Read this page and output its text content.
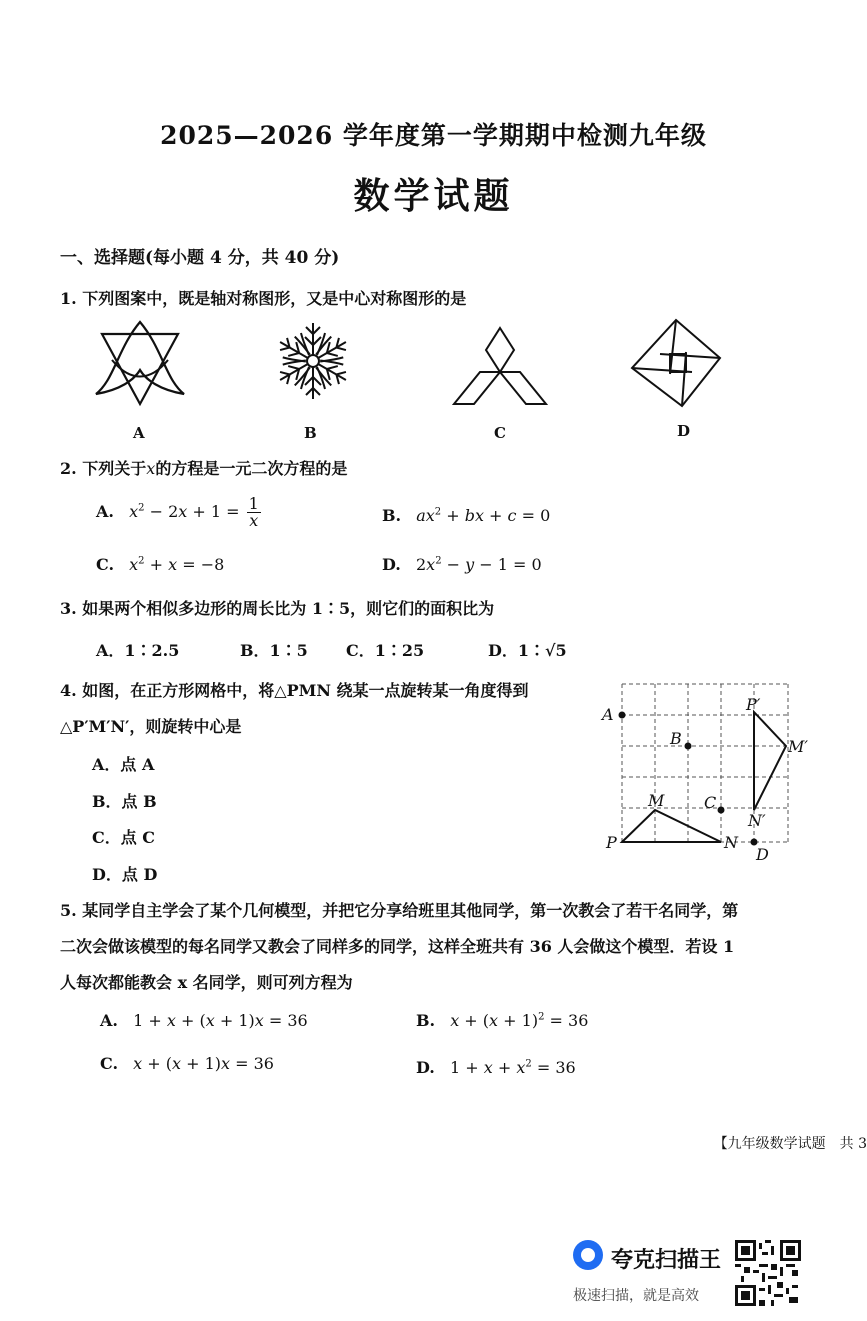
2025—2026 学年度第一学期期中检测九年级
数学试题
一、选择题(每小题 4 分，共 40 分)
1. 下列图案中，既是轴对称图形，又是中心对称图形的是
A	B	C	D
2. 下列关于x的方程是一元二次方程的是
A. $x^2 - 2x + 1 = \frac{1}{x}$	B. $ax^2$ + bx + c = 0
C. $x^2 + x = -8$	D. $2x^2 - y - 1 = 0$
3. 如果两个相似多边形的周长比为 1∶5，则它们的面积比为
A．1∶2.5	B．1∶5 C．1∶25	D．1∶√5
4. 如图，在正方形网格中，将△PMN 绕某一点旋转某一角度得到
△P′M′N′，则旋转中心是
A．点 A
B．点 B
C．点 C
D．点 D
A
B
C
D
P
M
N
P′
M′
N′
5. 某同学自主学会了某个几何模型，并把它分享给班里其他同学，第一次教会了若干名同学，第
二次会做该模型的每名同学又教会了同样多的同学，这样全班共有 36 人会做这个模型．若设 1
人每次都能教会 x 名同学，则可列方程为
A. 1 + x + (x + 1)x = 36	B. $x + (x + 1)^2 = 36$
C. x + (x + 1)x = 36	D. $1 + x + x^2 = 36$
【九年级数学试题　共 3
夸克扫描王
极速扫描，就是高效
